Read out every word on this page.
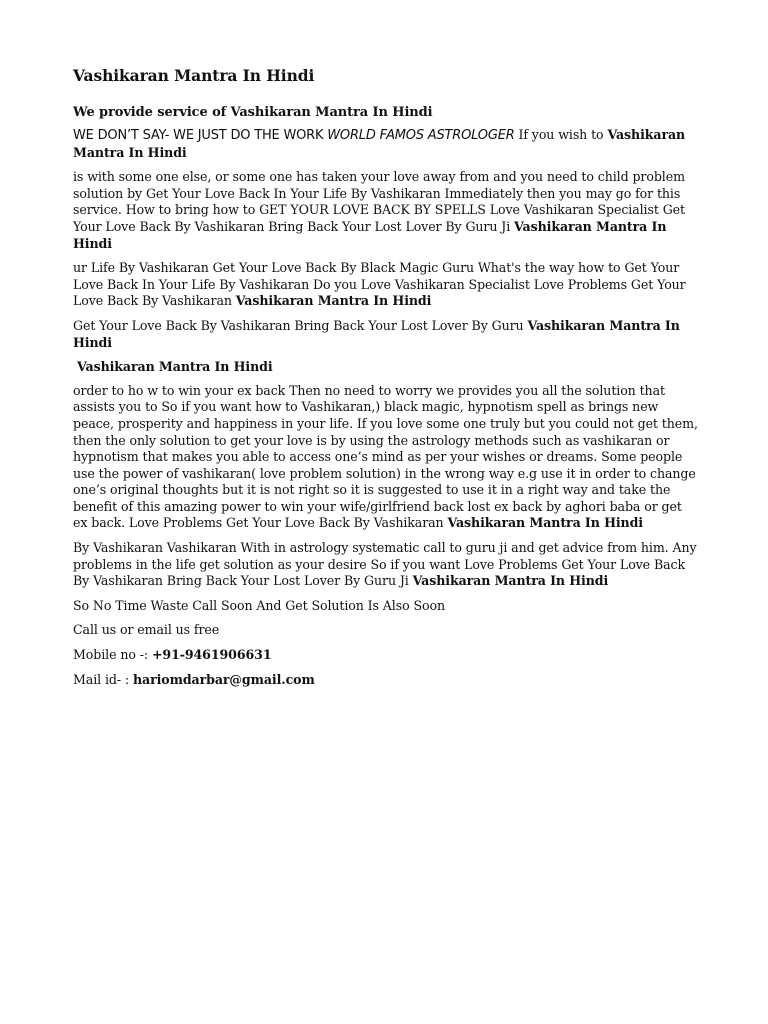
Vashikaran Mantra In Hindi
We provide service of Vashikaran Mantra In Hindi

WE DON’T SAY- WE JUST DO THE WORK WORLD FAMOS ASTROLOGER If you wish to Vashikaran Mantra In Hindi

is with some one else, or some one has taken your love away from and you need to child problem solution by Get Your Love Back In Your Life By Vashikaran Immediately then you may go for this service. How to bring how to GET YOUR LOVE BACK BY SPELLS Love Vashikaran Specialist Get Your Love Back By Vashikaran Bring Back Your Lost Lover By Guru Ji Vashikaran Mantra In Hindi

ur Life By Vashikaran Get Your Love Back By Black Magic Guru What's the way how to Get Your Love Back In Your Life By Vashikaran Do you Love Vashikaran Specialist Love Problems Get Your Love Back By Vashikaran Vashikaran Mantra In Hindi

Get Your Love Back By Vashikaran Bring Back Your Lost Lover By Guru Vashikaran Mantra In Hindi

Vashikaran Mantra In Hindi

order to ho w to win your ex back Then no need to worry we provides you all the solution that assists you to So if you want how to Vashikaran,) black magic, hypnotism spell as brings new peace, prosperity and happiness in your life. If you love some one truly but you could not get them, then the only solution to get your love is by using the astrology methods such as vashikaran or hypnotism that makes you able to access one’s mind as per your wishes or dreams. Some people use the power of vashikaran( love problem solution) in the wrong way e.g use it in order to change one’s original thoughts but it is not right so it is suggested to use it in a right way and take the benefit of this amazing power to win your wife/girlfriend back lost ex back by aghori baba or get ex back. Love Problems Get Your Love Back By Vashikaran Vashikaran Mantra In Hindi

By Vashikaran Vashikaran With in astrology systematic call to guru ji and get advice from him. Any problems in the life get solution as your desire So if you want Love Problems Get Your Love Back By Vashikaran Bring Back Your Lost Lover By Guru Ji Vashikaran Mantra In Hindi

So No Time Waste Call Soon And Get Solution Is Also Soon

Call us or email us free

Mobile no -: +91-9461906631

Mail id- : hariomdarbar@gmail.com
